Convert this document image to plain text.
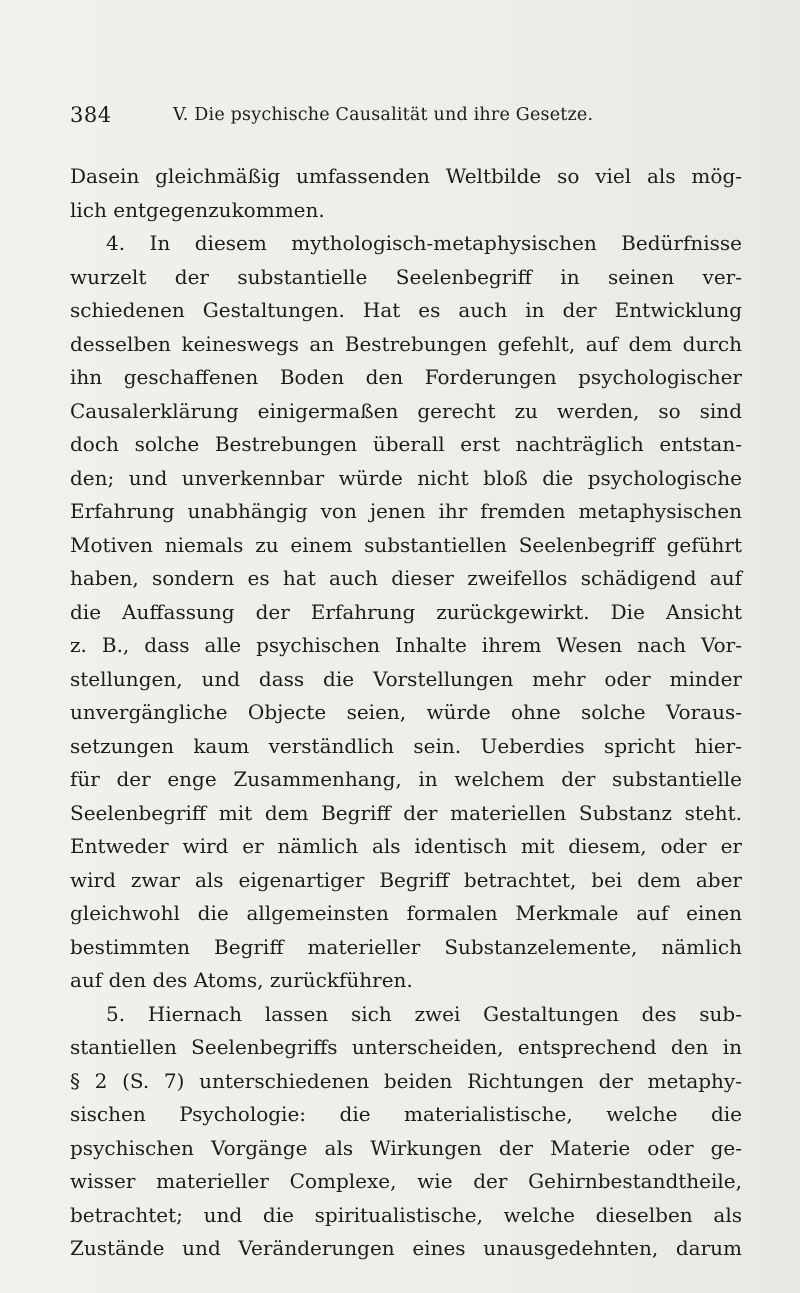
384	V. Die psychische Causalität und ihre Gesetze.
Dasein gleichmäßig umfassenden Weltbilde so viel als mög-
lich entgegenzukommen.
4. In diesem mythologisch-metaphysischen Bedürfnisse
wurzelt der substantielle Seelenbegriff in seinen ver-
schiedenen Gestaltungen. Hat es auch in der Entwicklung
desselben keineswegs an Bestrebungen gefehlt, auf dem durch
ihn geschaffenen Boden den Forderungen psychologischer
Causalerklärung einigermaßen gerecht zu werden, so sind
doch solche Bestrebungen überall erst nachträglich entstan-
den; und unverkennbar würde nicht bloß die psychologische
Erfahrung unabhängig von jenen ihr fremden metaphysischen
Motiven niemals zu einem substantiellen Seelenbegriff geführt
haben, sondern es hat auch dieser zweifellos schädigend auf
die Auffassung der Erfahrung zurückgewirkt. Die Ansicht
z. B., dass alle psychischen Inhalte ihrem Wesen nach Vor-
stellungen, und dass die Vorstellungen mehr oder minder
unvergängliche Objecte seien, würde ohne solche Voraus-
setzungen kaum verständlich sein. Ueberdies spricht hier-
für der enge Zusammenhang, in welchem der substantielle
Seelenbegriff mit dem Begriff der materiellen Substanz steht.
Entweder wird er nämlich als identisch mit diesem, oder er
wird zwar als eigenartiger Begriff betrachtet, bei dem aber
gleichwohl die allgemeinsten formalen Merkmale auf einen
bestimmten Begriff materieller Substanzelemente, nämlich
auf den des Atoms, zurückführen.
5. Hiernach lassen sich zwei Gestaltungen des sub-
stantiellen Seelenbegriffs unterscheiden, entsprechend den in
§ 2 (S. 7) unterschiedenen beiden Richtungen der metaphy-
sischen Psychologie: die materialistische, welche die
psychischen Vorgänge als Wirkungen der Materie oder ge-
wisser materieller Complexe, wie der Gehirnbestandtheile,
betrachtet; und die spiritualistische, welche dieselben als
Zustände und Veränderungen eines unausgedehnten, darum
